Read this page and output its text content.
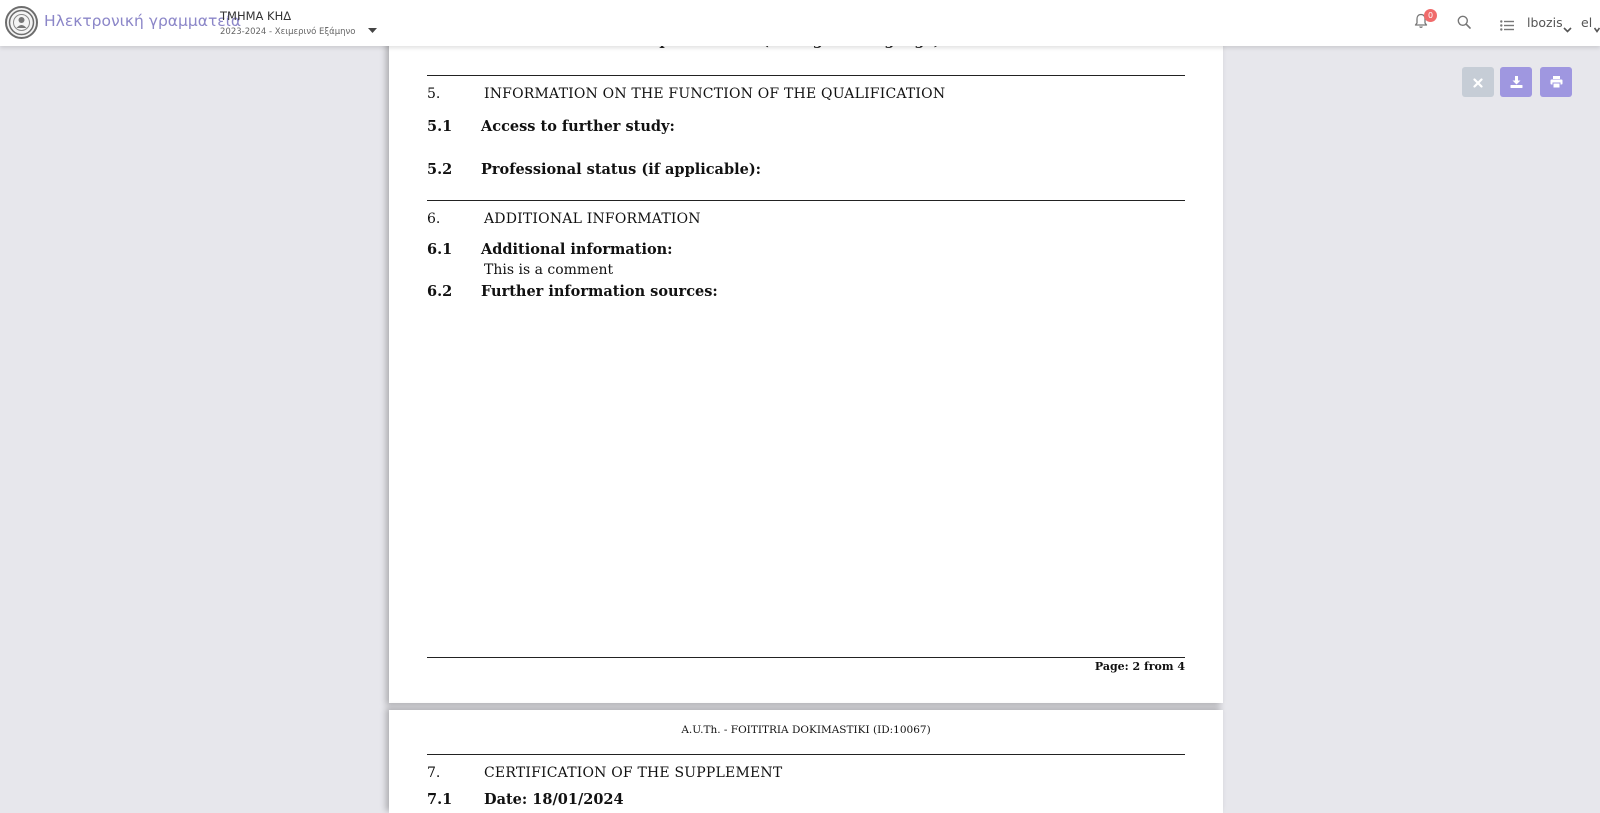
Ηλεκτρονική γραμματεία
ΤΜΗΜΑ ΚΗΔ
2023-2024 - Χειμερινό Εξάμηνο
0	lbozis el
5.	INFORMATION ON THE FUNCTION OF THE QUALIFICATION
5.1 Access to further study:
5.2 Professional status (if applicable):
6.	ADDITIONAL INFORMATION
6.1 Additional information:
This is a comment
6.2 Further information sources:
Page: 2 from 4
A.U.Th. - FOITITRIA DOKIMASTIKI (ID:10067)
7.	CERTIFICATION OF THE SUPPLEMENT
7.1 Date: 18/01/2024
